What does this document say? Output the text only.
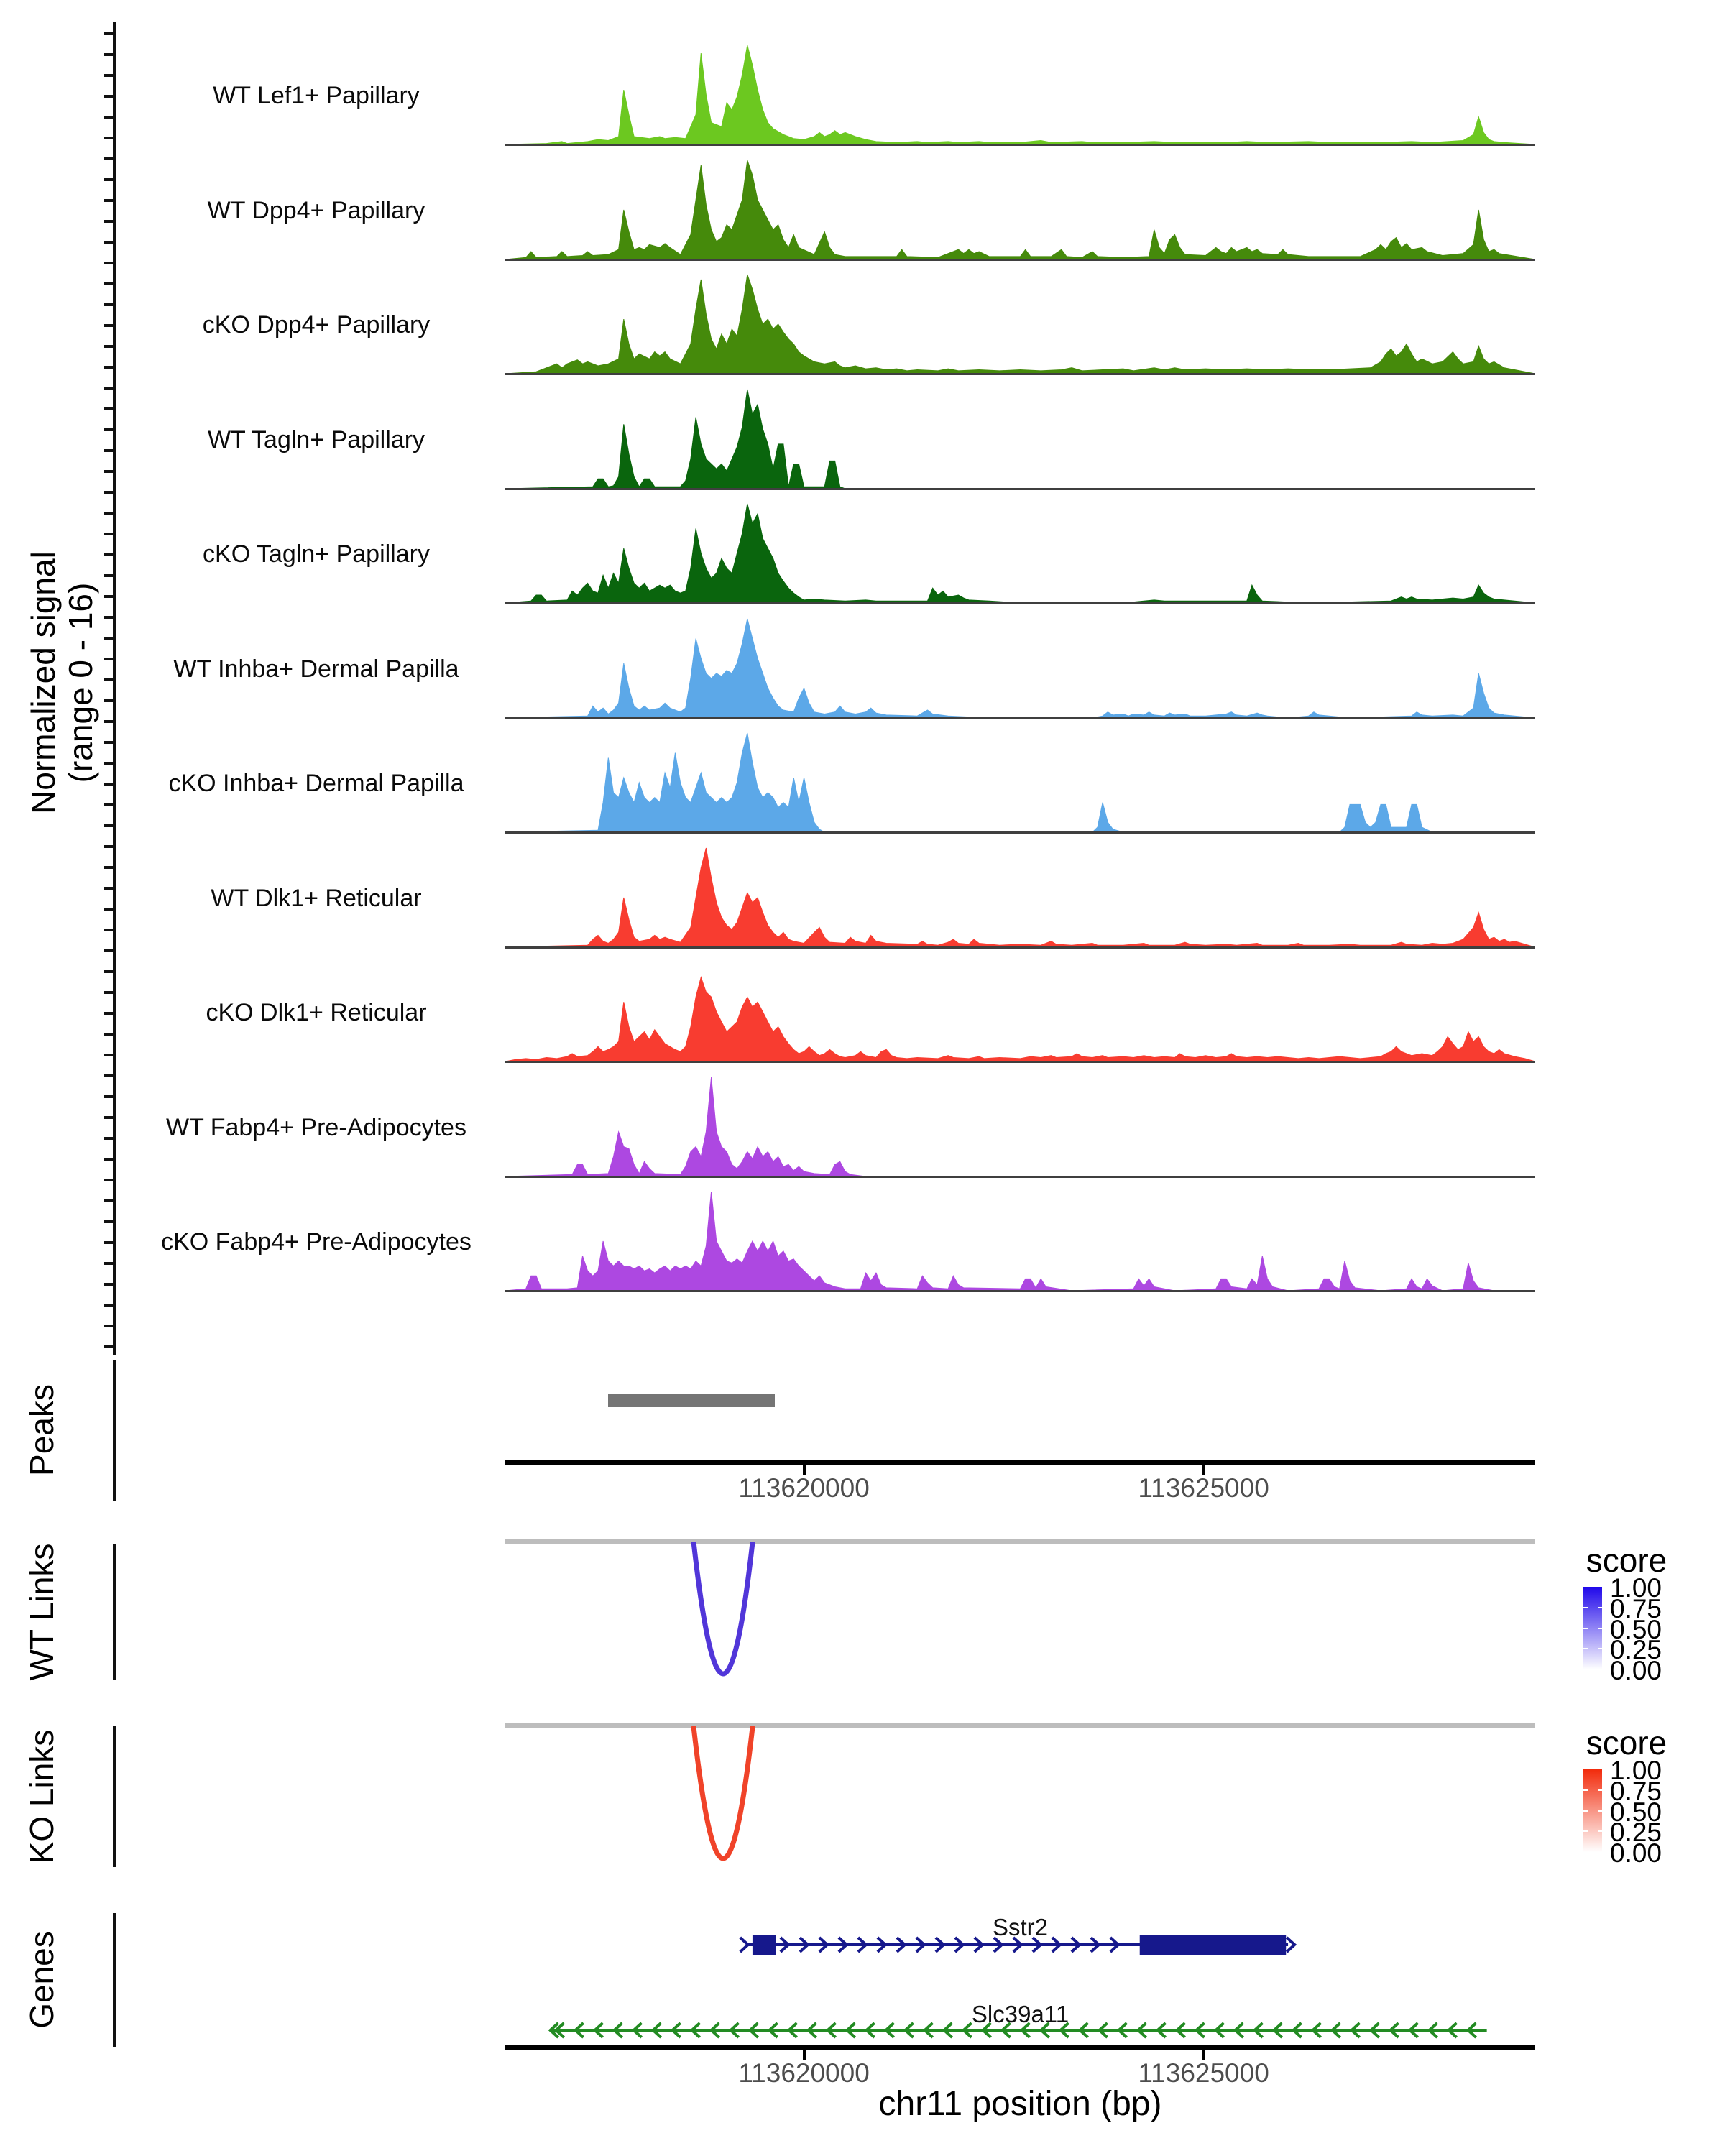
Normalized signal (range 0 - 16)
Peaks
WT Links
KO Links
Genes
WT Lef1+ Papillary
WT Dpp4+ Papillary
cKO Dpp4+ Papillary
WT Tagln+ Papillary
cKO Tagln+ Papillary
WT Inhba+ Dermal Papilla
cKO Inhba+ Dermal Papilla
WT Dlk1+ Reticular
cKO Dlk1+ Reticular
WT Fabp4+ Pre-Adipocytes
cKO Fabp4+ Pre-Adipocytes
113620000	113625000
113620000	113625000
score
1.00
0.75
0.50
0.25
0.00
score
1.00
0.75
0.50
0.25
0.00
Sstr2
Slc39a11
chr11 position (bp)
